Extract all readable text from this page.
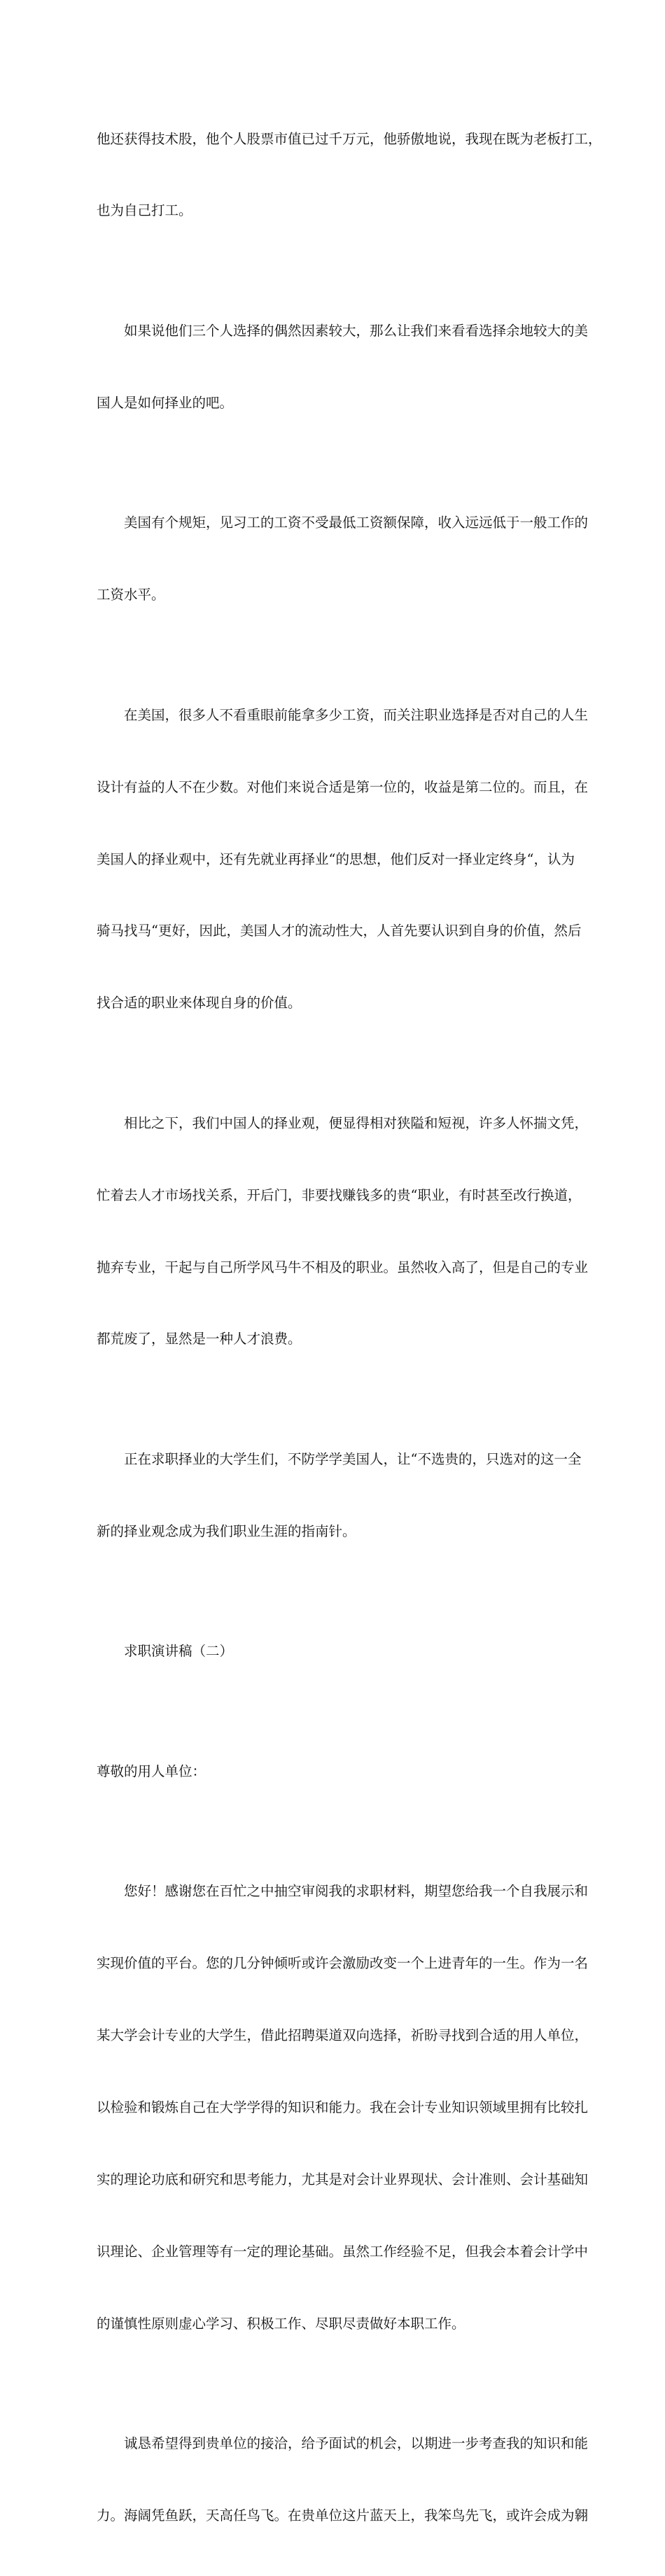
他还获得技术股，他个人股票市值已过千万元，他骄傲地说，我现在既为老板打工，

也为自己打工。

如果说他们三个人选择的偶然因素较大，那么让我们来看看选择余地较大的美

国人是如何择业的吧。

美国有个规矩，见习工的工资不受最低工资额保障，收入远远低于一般工作的

工资水平。

在美国，很多人不看重眼前能拿多少工资，而关注职业选择是否对自己的人生

设计有益的人不在少数。对他们来说合适是第一位的，收益是第二位的。而且，在

美国人的择业观中，还有先就业再择业“的思想，他们反对一择业定终身“，认为

骑马找马“更好，因此，美国人才的流动性大，人首先要认识到自身的价值，然后

找合适的职业来体现自身的价值。

相比之下，我们中国人的择业观，便显得相对狭隘和短视，许多人怀揣文凭，

忙着去人才市场找关系，开后门，非要找赚钱多的贵“职业，有时甚至改行换道，

抛弃专业，干起与自己所学风马牛不相及的职业。虽然收入高了，但是自己的专业

都荒废了，显然是一种人才浪费。

正在求职择业的大学生们，不防学学美国人，让“不选贵的，只选对的这一全

新的择业观念成为我们职业生涯的指南针。

求职演讲稿（二）

尊敬的用人单位：

您好！感谢您在百忙之中抽空审阅我的求职材料，期望您给我一个自我展示和

实现价值的平台。您的几分钟倾听或许会激励改变一个上进青年的一生。作为一名

某大学会计专业的大学生，借此招聘渠道双向选择，祈盼寻找到合适的用人单位，

以检验和锻炼自己在大学学得的知识和能力。我在会计专业知识领域里拥有比较扎

实的理论功底和研究和思考能力，尤其是对会计业界现状、会计准则、会计基础知

识理论、企业管理等有一定的理论基础。虽然工作经验不足，但我会本着会计学中

的谨慎性原则虚心学习、积极工作、尽职尽责做好本职工作。

诚恳希望得到贵单位的接洽，给予面试的机会，以期进一步考查我的知识和能

力。海阔凭鱼跃，天高任鸟飞。在贵单位这片蓝天上，我笨鸟先飞，或许会成为翱
